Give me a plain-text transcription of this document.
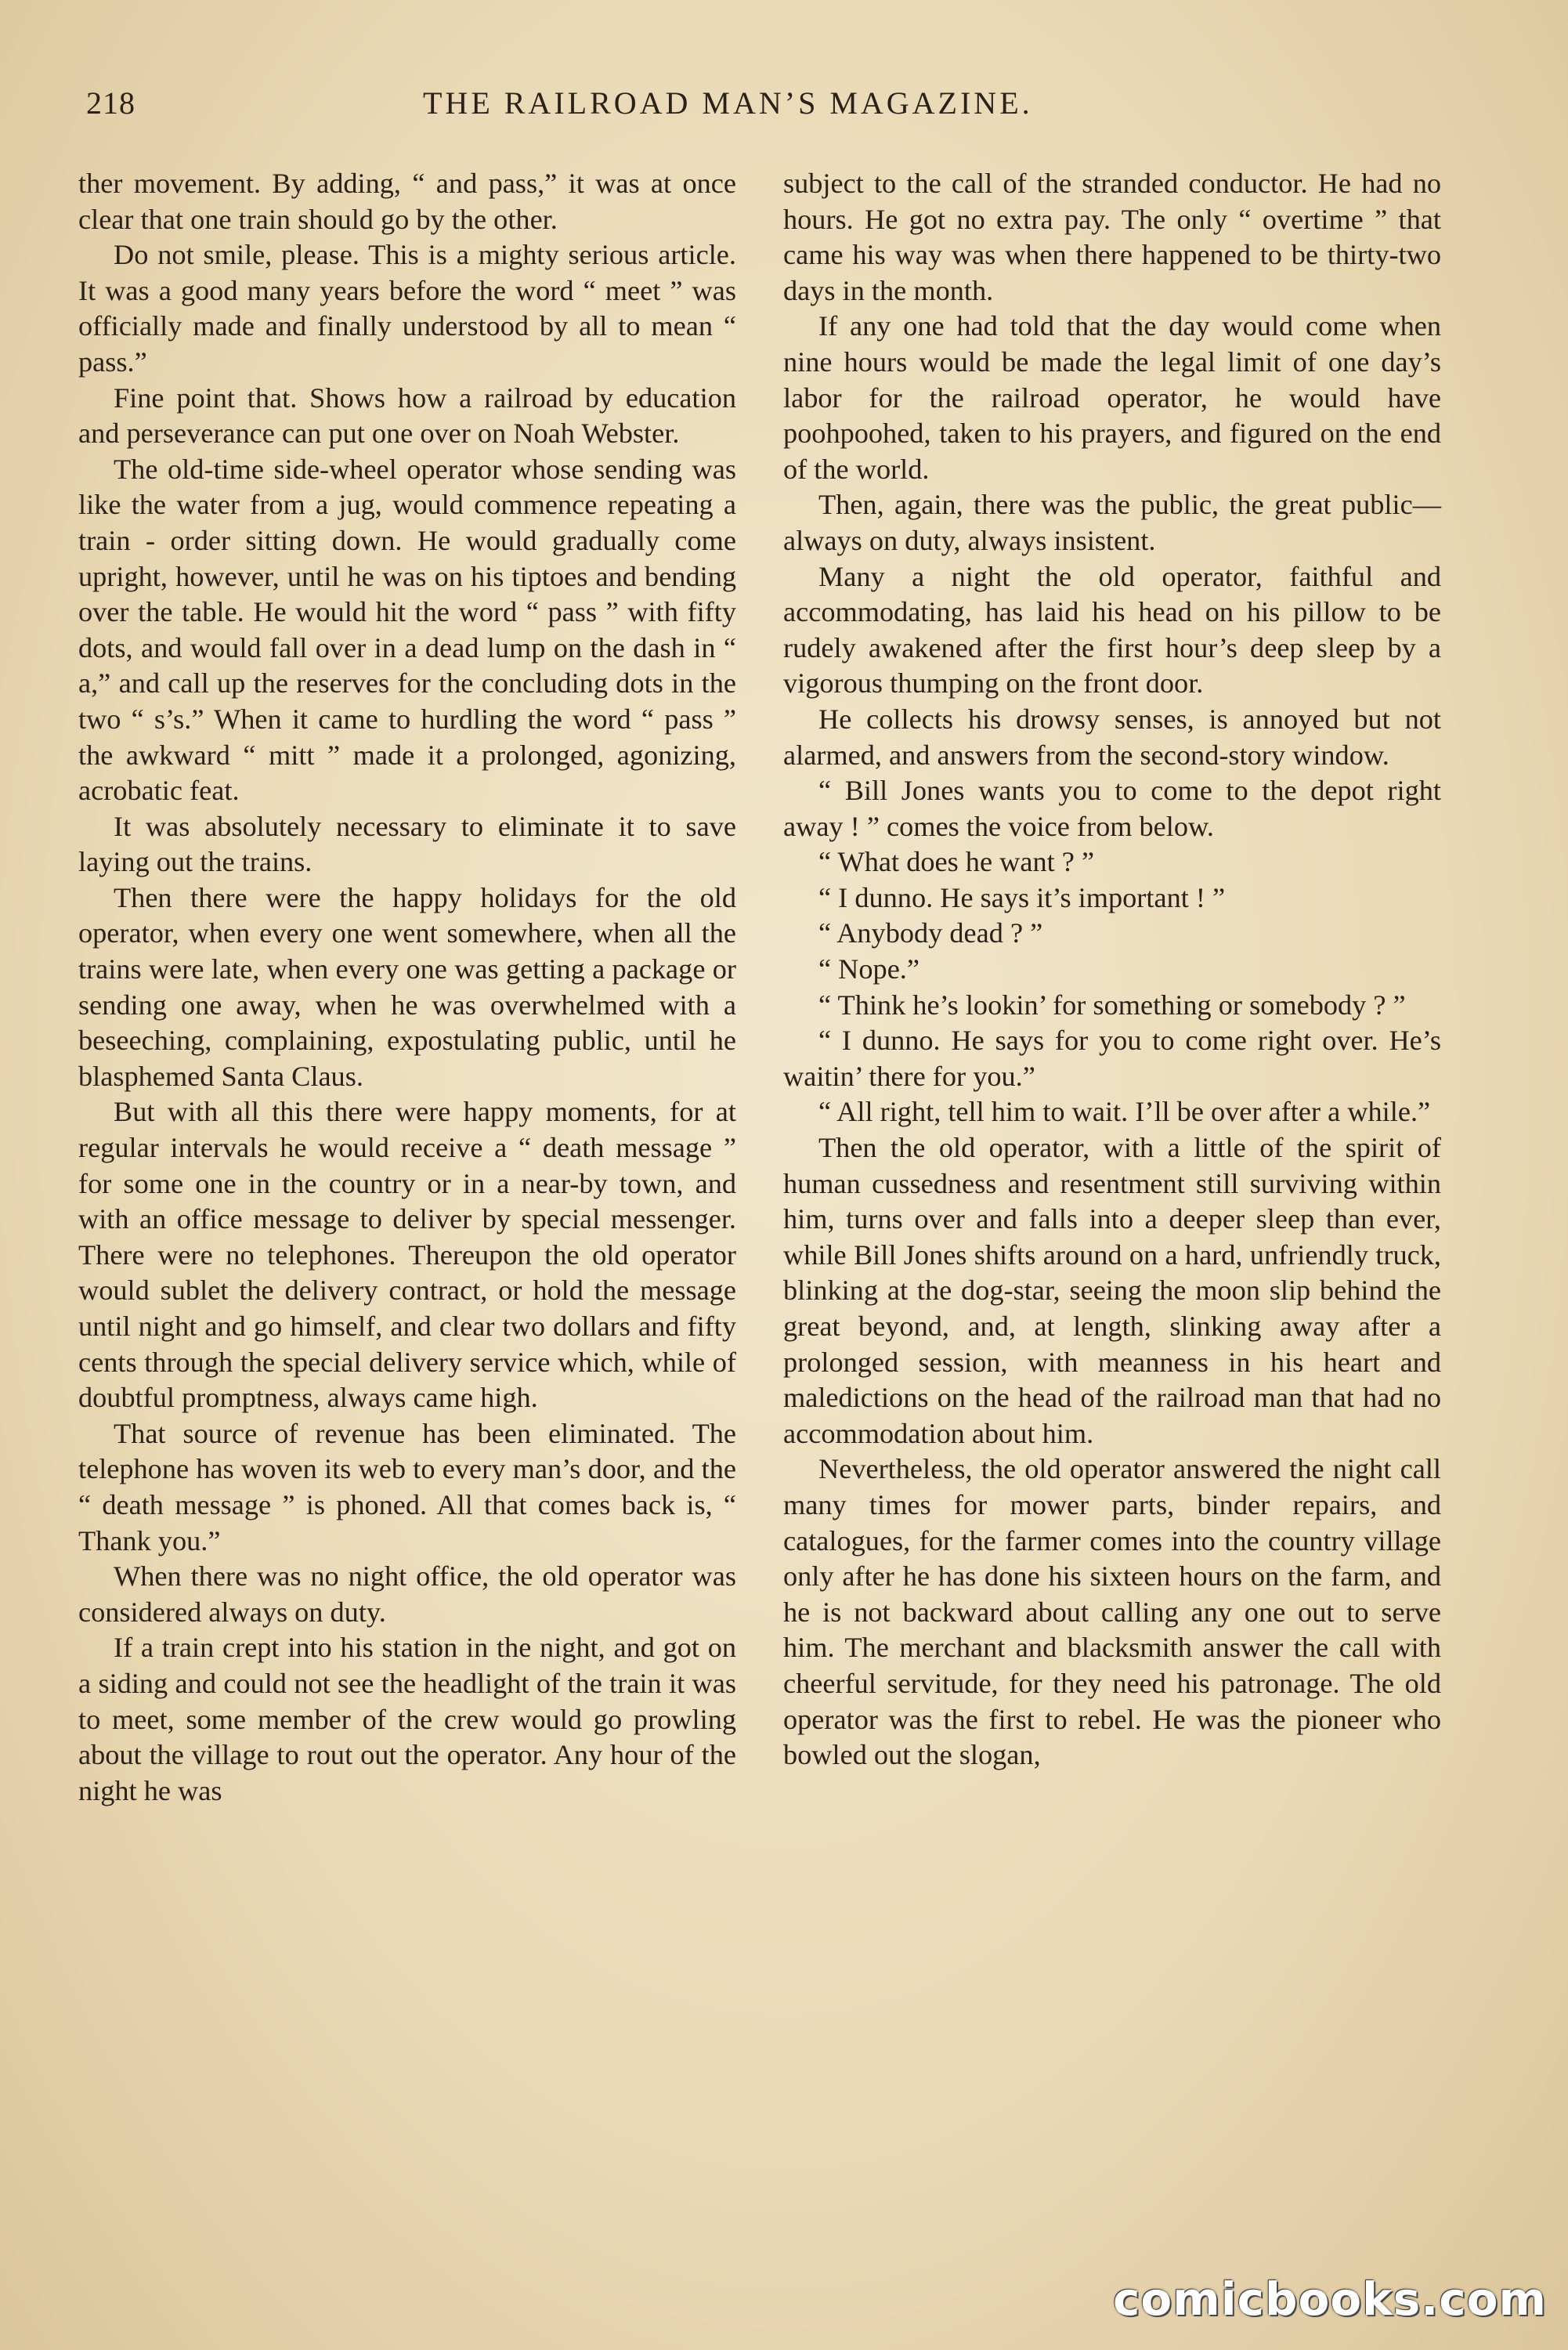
218	THE RAILROAD MAN’S MAGAZINE.

ther movement. By adding, “ and pass,” it was at once clear that one train should go by the other.

Do not smile, please. This is a mighty serious article. It was a good many years before the word “ meet ” was officially made and finally understood by all to mean “ pass.”

Fine point that. Shows how a railroad by education and perseverance can put one over on Noah Webster.

The old-time side-wheel operator whose sending was like the water from a jug, would commence repeating a train - order sitting down. He would gradually come upright, however, until he was on his tiptoes and bending over the table. He would hit the word “ pass ” with fifty dots, and would fall over in a dead lump on the dash in “ a,” and call up the reserves for the concluding dots in the two “ s’s.” When it came to hurdling the word “ pass ” the awkward “ mitt ” made it a prolonged, agonizing, acrobatic feat.

It was absolutely necessary to eliminate it to save laying out the trains.

Then there were the happy holidays for the old operator, when every one went somewhere, when all the trains were late, when every one was getting a package or sending one away, when he was overwhelmed with a beseeching, complaining, expostulating public, until he blasphemed Santa Claus.

But with all this there were happy moments, for at regular intervals he would receive a “ death message ” for some one in the country or in a near-by town, and with an office message to deliver by special messenger. There were no telephones. Thereupon the old operator would sublet the delivery contract, or hold the message until night and go himself, and clear two dollars and fifty cents through the special delivery service which, while of doubtful promptness, always came high.

That source of revenue has been eliminated. The telephone has woven its web to every man’s door, and the “ death message ” is phoned. All that comes back is, “ Thank you.”

When there was no night office, the old operator was considered always on duty.

If a train crept into his station in the night, and got on a siding and could not see the headlight of the train it was to meet, some member of the crew would go prowling about the village to rout out the operator. Any hour of the night he was

subject to the call of the stranded conductor. He had no hours. He got no extra pay. The only “ overtime ” that came his way was when there happened to be thirty-two days in the month.

If any one had told that the day would come when nine hours would be made the legal limit of one day’s labor for the railroad operator, he would have poohpoohed, taken to his prayers, and figured on the end of the world.

Then, again, there was the public, the great public—always on duty, always insistent.

Many a night the old operator, faithful and accommodating, has laid his head on his pillow to be rudely awakened after the first hour’s deep sleep by a vigorous thumping on the front door.

He collects his drowsy senses, is annoyed but not alarmed, and answers from the second-story window.

“ Bill Jones wants you to come to the depot right away ! ” comes the voice from below.

“ What does he want ? ”

“ I dunno. He says it’s important ! ”

“ Anybody dead ? ”

“ Nope.”

“ Think he’s lookin’ for something or somebody ? ”

“ I dunno. He says for you to come right over. He’s waitin’ there for you.”

“ All right, tell him to wait. I’ll be over after a while.”

Then the old operator, with a little of the spirit of human cussedness and resentment still surviving within him, turns over and falls into a deeper sleep than ever, while Bill Jones shifts around on a hard, unfriendly truck, blinking at the dog-star, seeing the moon slip behind the great beyond, and, at length, slinking away after a prolonged session, with meanness in his heart and maledictions on the head of the railroad man that had no accommodation about him.

Nevertheless, the old operator answered the night call many times for mower parts, binder repairs, and catalogues, for the farmer comes into the country village only after he has done his sixteen hours on the farm, and he is not backward about calling any one out to serve him. The merchant and blacksmith answer the call with cheerful servitude, for they need his patronage. The old operator was the first to rebel. He was the pioneer who bowled out the slogan,

comicbooks.com
